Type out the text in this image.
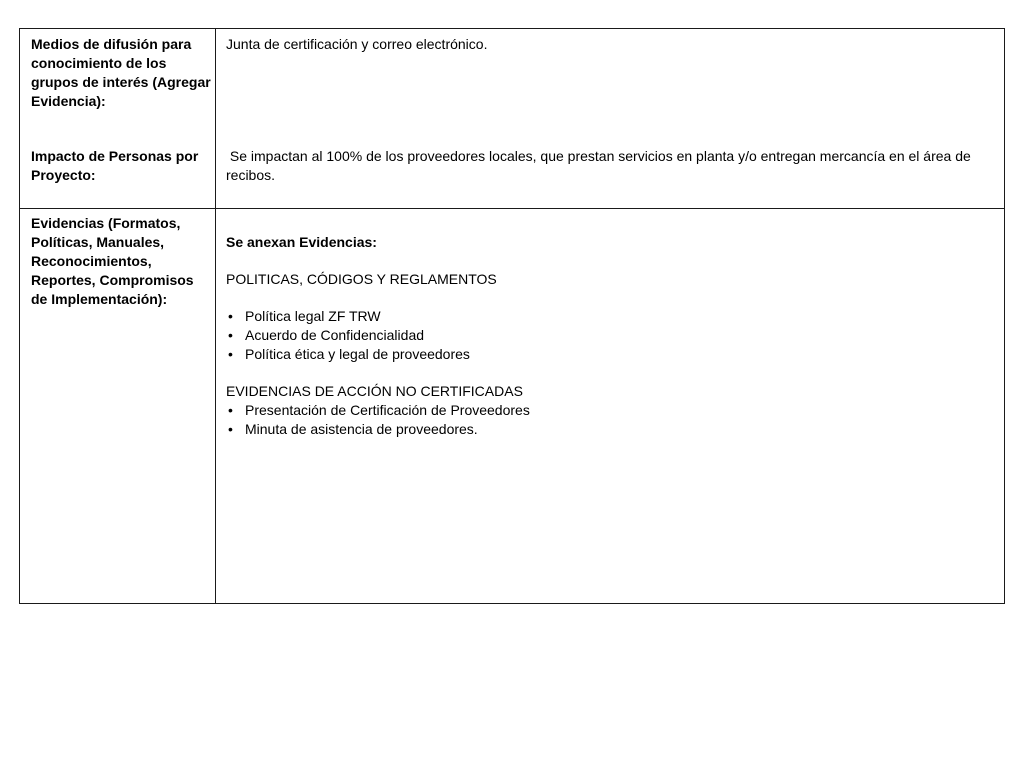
Medios de difusión para
conocimiento de los
grupos de interés (Agregar
Evidencia):
Junta de certificación y correo electrónico.
Impacto de Personas por
Proyecto:
Se impactan al 100% de los proveedores locales, que prestan servicios en planta y/o entregan mercancía en el área de recibos.
Evidencias (Formatos,
Políticas, Manuales,
Reconocimientos,
Reportes, Compromisos
de Implementación):
Se anexan Evidencias:
POLITICAS, CÓDIGOS Y REGLAMENTOS
• Política legal ZF TRW
• Acuerdo de Confidencialidad
• Política ética y legal de proveedores
EVIDENCIAS DE ACCIÓN NO CERTIFICADAS
• Presentación de Certificación de Proveedores
• Minuta de asistencia de proveedores.
